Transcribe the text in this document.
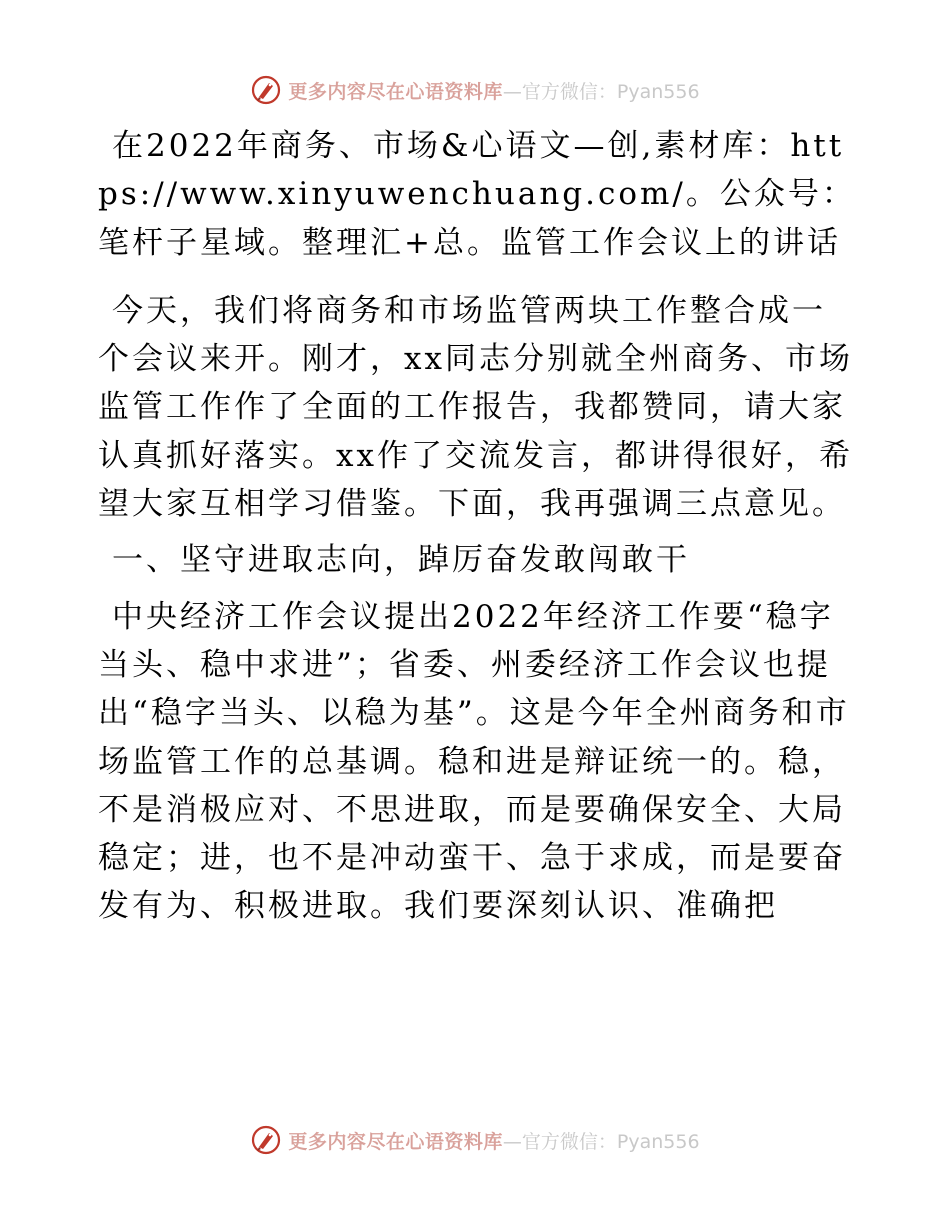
更多内容尽在心语资料库 —官方微信：Pyan556

在2022年商务、市场&心语文—创,素材库：https://www.xinyuwenchuang.com/。公众号：笔杆子星域。整理汇+总。监管工作会议上的讲话

今天，我们将商务和市场监管两块工作整合成一个会议来开。刚才，xx同志分别就全州商务、市场监管工作作了全面的工作报告，我都赞同，请大家认真抓好落实。xx作了交流发言，都讲得很好，希望大家互相学习借鉴。下面，我再强调三点意见。

一、坚守进取志向，踔厉奋发敢闯敢干

中央经济工作会议提出2022年经济工作要“稳字当头、稳中求进”；省委、州委经济工作会议也提出“稳字当头、以稳为基”。这是今年全州商务和市场监管工作的总基调。稳和进是辩证统一的。稳，不是消极应对、不思进取，而是要确保安全、大局稳定；进，也不是冲动蛮干、急于求成，而是要奋发有为、积极进取。我们要深刻认识、准确把

更多内容尽在心语资料库 —官方微信：Pyan556
